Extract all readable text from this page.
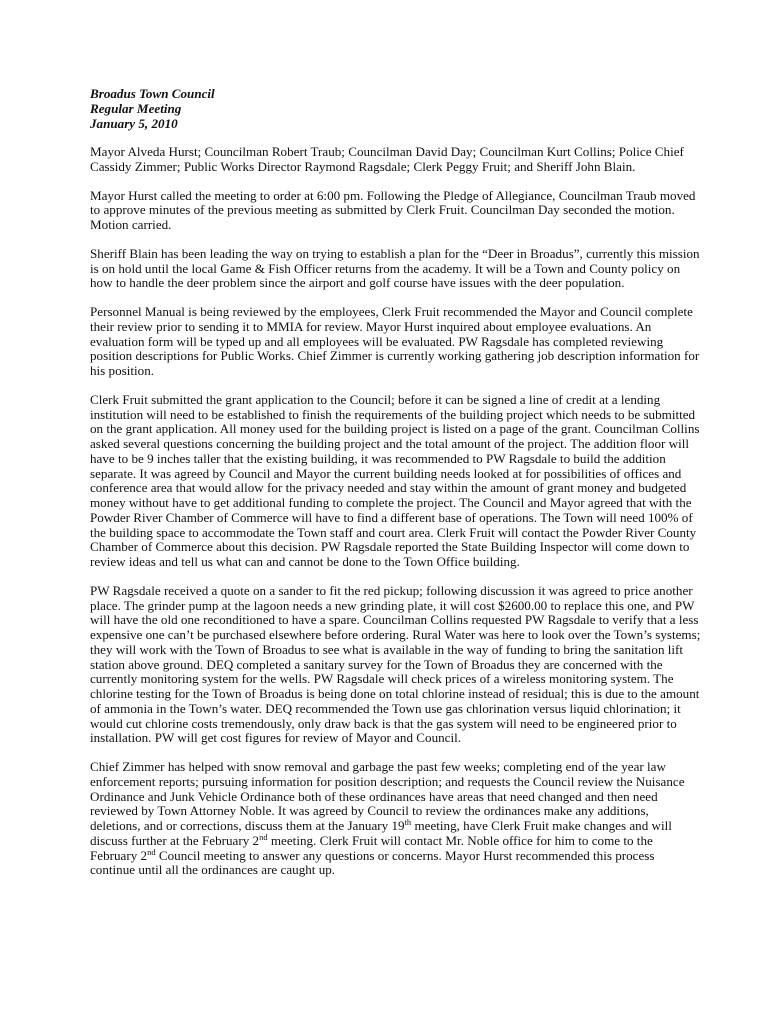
Broadus Town Council
Regular Meeting
January 5, 2010

Mayor Alveda Hurst; Councilman Robert Traub; Councilman David Day; Councilman Kurt Collins; Police Chief Cassidy Zimmer; Public Works Director Raymond Ragsdale; Clerk Peggy Fruit; and Sheriff John Blain.

Mayor Hurst called the meeting to order at 6:00 pm. Following the Pledge of Allegiance, Councilman Traub moved to approve minutes of the previous meeting as submitted by Clerk Fruit. Councilman Day seconded the motion. Motion carried.

Sheriff Blain has been leading the way on trying to establish a plan for the “Deer in Broadus”, currently this mission is on hold until the local Game & Fish Officer returns from the academy. It will be a Town and County policy on how to handle the deer problem since the airport and golf course have issues with the deer population.

Personnel Manual is being reviewed by the employees, Clerk Fruit recommended the Mayor and Council complete their review prior to sending it to MMIA for review. Mayor Hurst inquired about employee evaluations. An evaluation form will be typed up and all employees will be evaluated. PW Ragsdale has completed reviewing position descriptions for Public Works. Chief Zimmer is currently working gathering job description information for his position.

Clerk Fruit submitted the grant application to the Council; before it can be signed a line of credit at a lending institution will need to be established to finish the requirements of the building project which needs to be submitted on the grant application. All money used for the building project is listed on a page of the grant. Councilman Collins asked several questions concerning the building project and the total amount of the project. The addition floor will have to be 9 inches taller that the existing building, it was recommended to PW Ragsdale to build the addition separate. It was agreed by Council and Mayor the current building needs looked at for possibilities of offices and conference area that would allow for the privacy needed and stay within the amount of grant money and budgeted money without have to get additional funding to complete the project. The Council and Mayor agreed that with the Powder River Chamber of Commerce will have to find a different base of operations. The Town will need 100% of the building space to accommodate the Town staff and court area. Clerk Fruit will contact the Powder River County Chamber of Commerce about this decision. PW Ragsdale reported the State Building Inspector will come down to review ideas and tell us what can and cannot be done to the Town Office building.

PW Ragsdale received a quote on a sander to fit the red pickup; following discussion it was agreed to price another place. The grinder pump at the lagoon needs a new grinding plate, it will cost $2600.00 to replace this one, and PW will have the old one reconditioned to have a spare. Councilman Collins requested PW Ragsdale to verify that a less expensive one can’t be purchased elsewhere before ordering. Rural Water was here to look over the Town’s systems; they will work with the Town of Broadus to see what is available in the way of funding to bring the sanitation lift station above ground. DEQ completed a sanitary survey for the Town of Broadus they are concerned with the currently monitoring system for the wells. PW Ragsdale will check prices of a wireless monitoring system. The chlorine testing for the Town of Broadus is being done on total chlorine instead of residual; this is due to the amount of ammonia in the Town’s water. DEQ recommended the Town use gas chlorination versus liquid chlorination; it would cut chlorine costs tremendously, only draw back is that the gas system will need to be engineered prior to installation. PW will get cost figures for review of Mayor and Council.

Chief Zimmer has helped with snow removal and garbage the past few weeks; completing end of the year law enforcement reports; pursuing information for position description; and requests the Council review the Nuisance Ordinance and Junk Vehicle Ordinance both of these ordinances have areas that need changed and then need reviewed by Town Attorney Noble. It was agreed by Council to review the ordinances make any additions, deletions, and or corrections, discuss them at the January 19th meeting, have Clerk Fruit make changes and will discuss further at the February 2nd meeting. Clerk Fruit will contact Mr. Noble office for him to come to the February 2nd Council meeting to answer any questions or concerns. Mayor Hurst recommended this process continue until all the ordinances are caught up.
